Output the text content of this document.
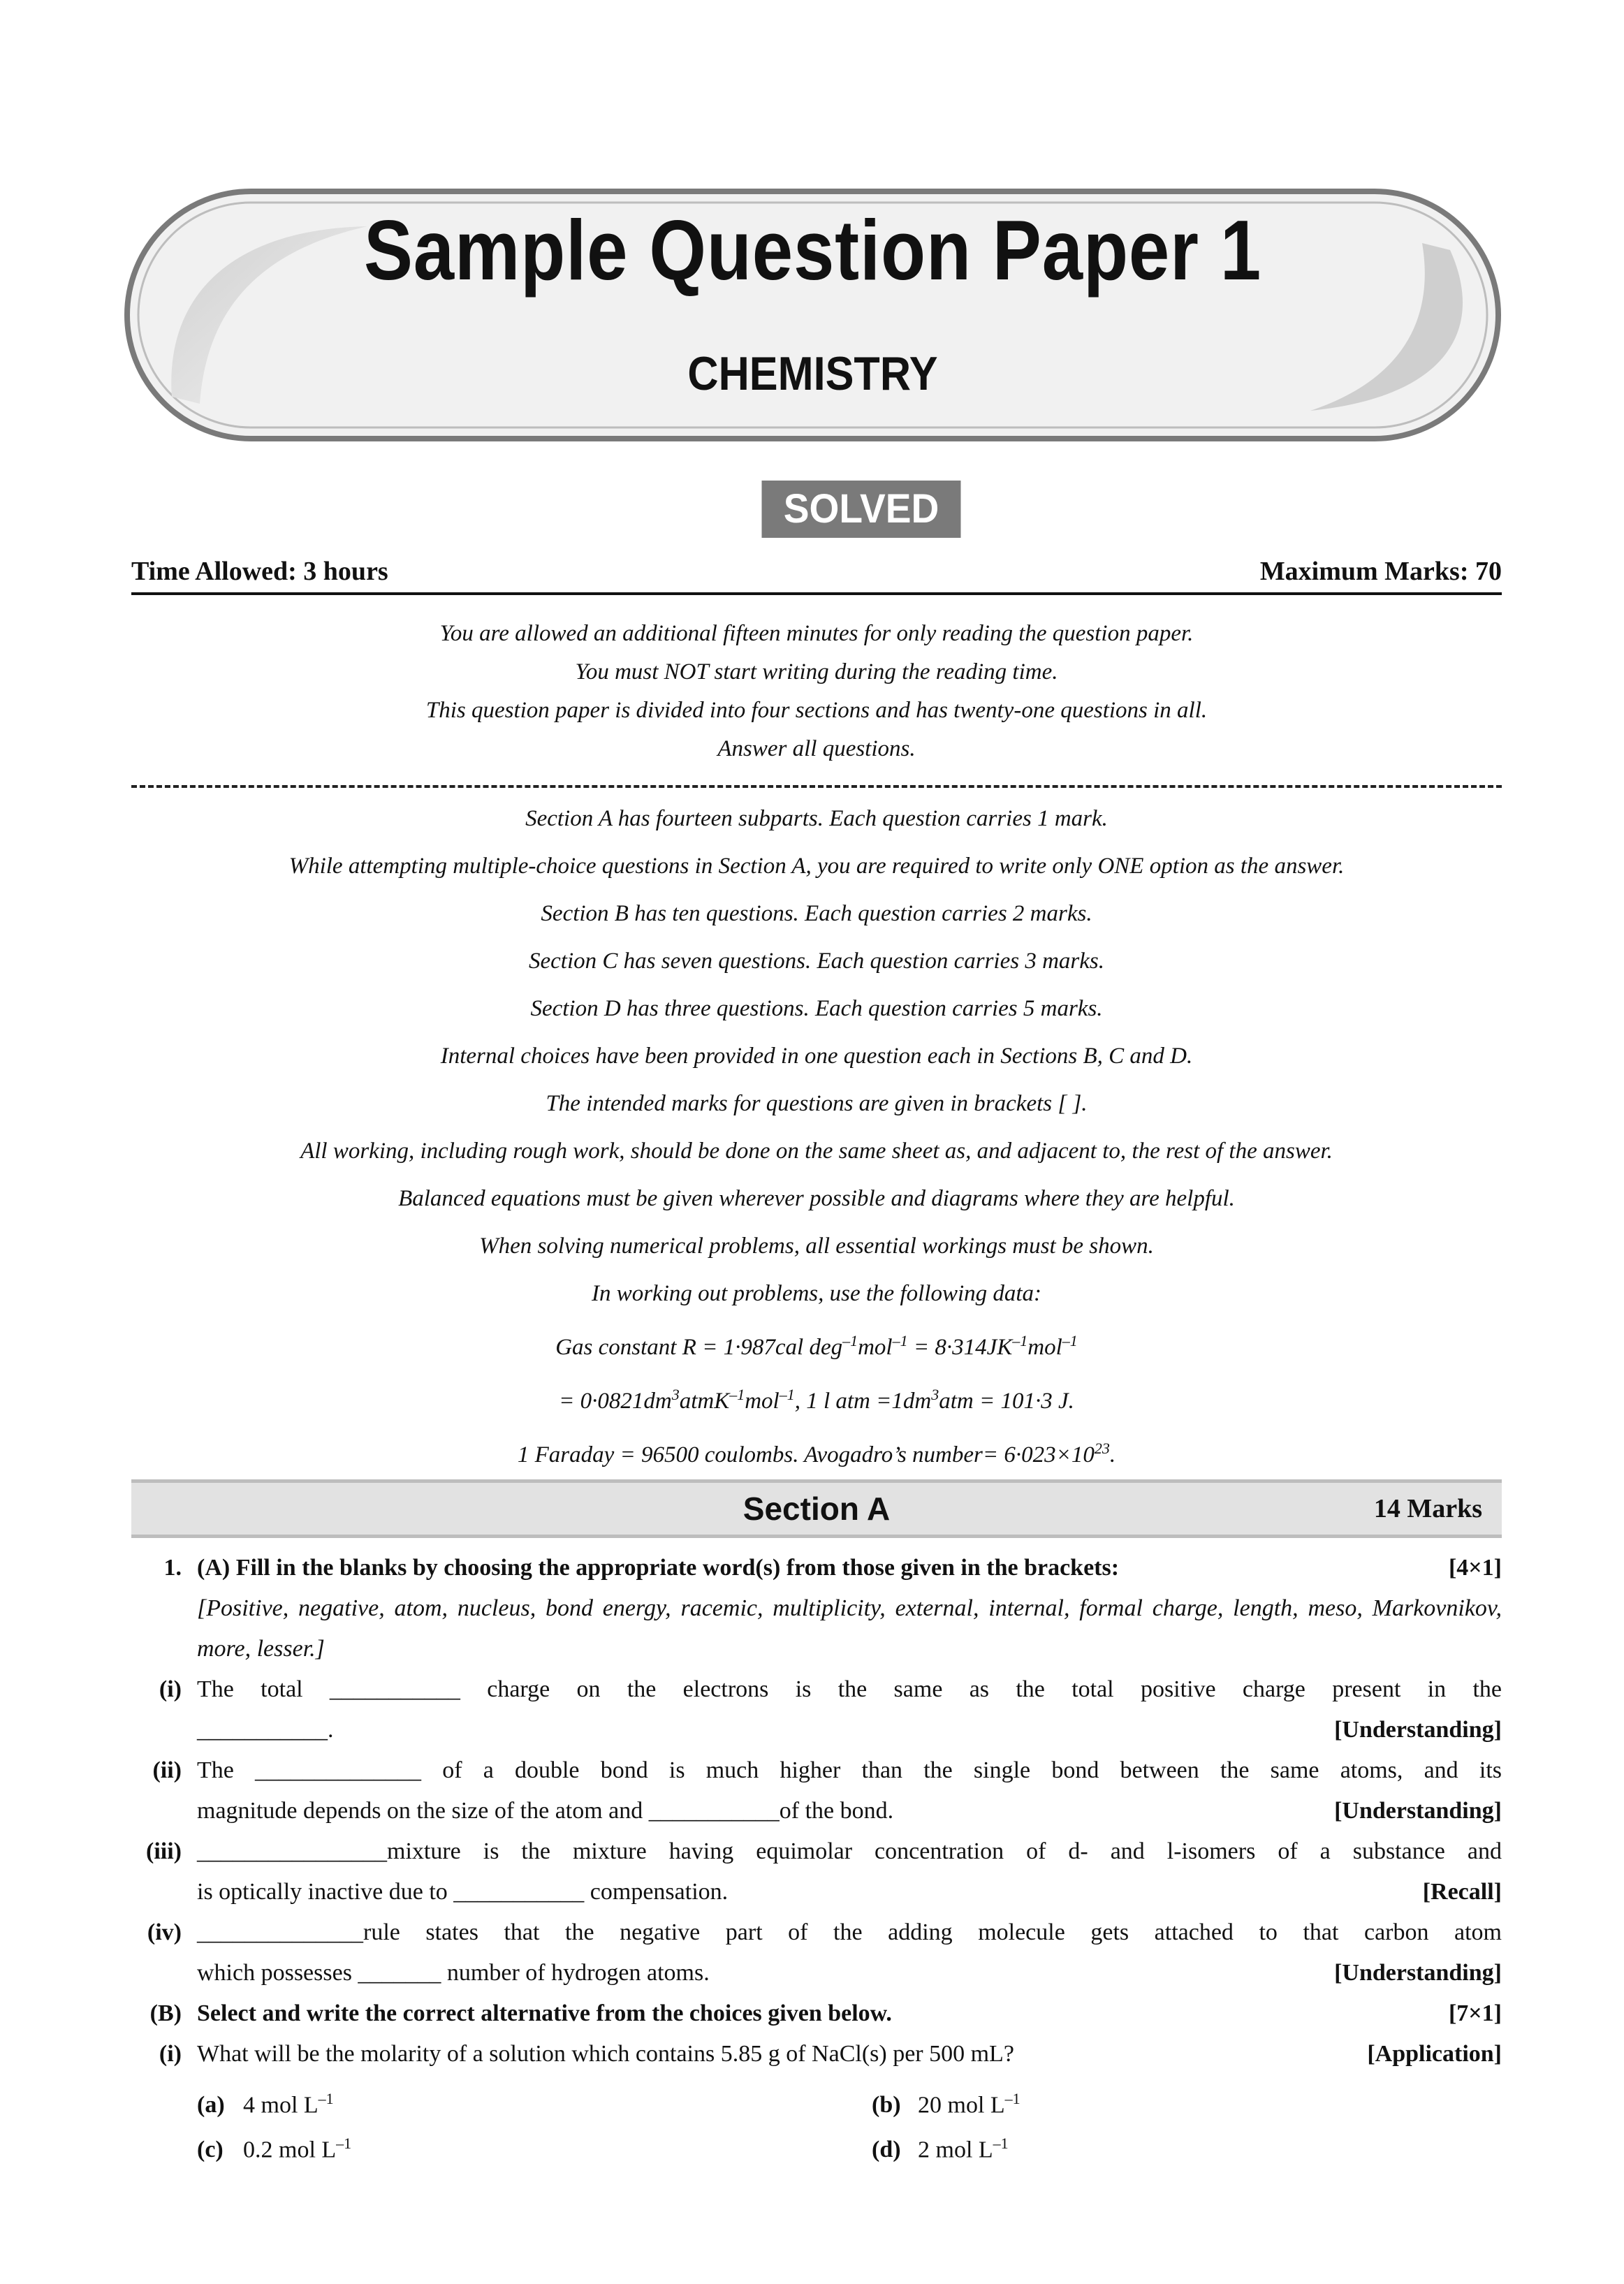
Sample Question Paper 1
CHEMISTRY
SOLVED
Time Allowed: 3 hours	Maximum Marks: 70
You are allowed an additional fifteen minutes for only reading the question paper.
You must NOT start writing during the reading time.
This question paper is divided into four sections and has twenty-one questions in all.
Answer all questions.
Section A has fourteen subparts. Each question carries 1 mark.
While attempting multiple-choice questions in Section A, you are required to write only ONE option as the answer.
Section B has ten questions. Each question carries 2 marks.
Section C has seven questions. Each question carries 3 marks.
Section D has three questions. Each question carries 5 marks.
Internal choices have been provided in one question each in Sections B, C and D.
The intended marks for questions are given in brackets [ ].
All working, including rough work, should be done on the same sheet as, and adjacent to, the rest of the answer.
Balanced equations must be given wherever possible and diagrams where they are helpful.
When solving numerical problems, all essential workings must be shown.
In working out problems, use the following data:
Gas constant R = 1·987cal $deg^{-1}mol^{-1} = 8\cdot 314JK^{-1}mol^{-1}$
= $0\cdot 0821dm^3atmK^{-1}mol^{-1}$, 1 l atm $=1dm^3atm = 101\cdot 3$ J.
1 Faraday = 96500 coulombs. Avogadro’s number= $6\cdot 023\times 10^{23}$.
Section A	14 Marks
1. (A) Fill in the blanks by choosing the appropriate word(s) from those given in the brackets:	[4×1]
[Positive, negative, atom, nucleus, bond energy, racemic, multiplicity, external, internal, formal charge, length, meso, Markovnikov, more, lesser.]
(i) The total ___________ charge on the electrons is the same as the total positive charge present in the
___________.	[Understanding]
(ii) The ______________ of a double bond is much higher than the single bond between the same atoms, and its
magnitude depends on the size of the atom and ___________of the bond.	[Understanding]
(iii) ________________mixture is the mixture having equimolar concentration of d- and l-isomers of a substance and
is optically inactive due to ___________ compensation.	[Recall]
(iv) ______________rule states that the negative part of the adding molecule gets attached to that carbon atom
which possesses _______ number of hydrogen atoms.	[Understanding]
(B) Select and write the correct alternative from the choices given below.	[7×1]
(i) What will be the molarity of a solution which contains 5.85 g of NaCl(s) per 500 mL?	[Application]
(a) 4 mol $L^{-1}$	(b) 20 mol $L^{-1}$
(c) 0.2 mol $L^{-1}$	(d) 2 mol $L^{-1}$
